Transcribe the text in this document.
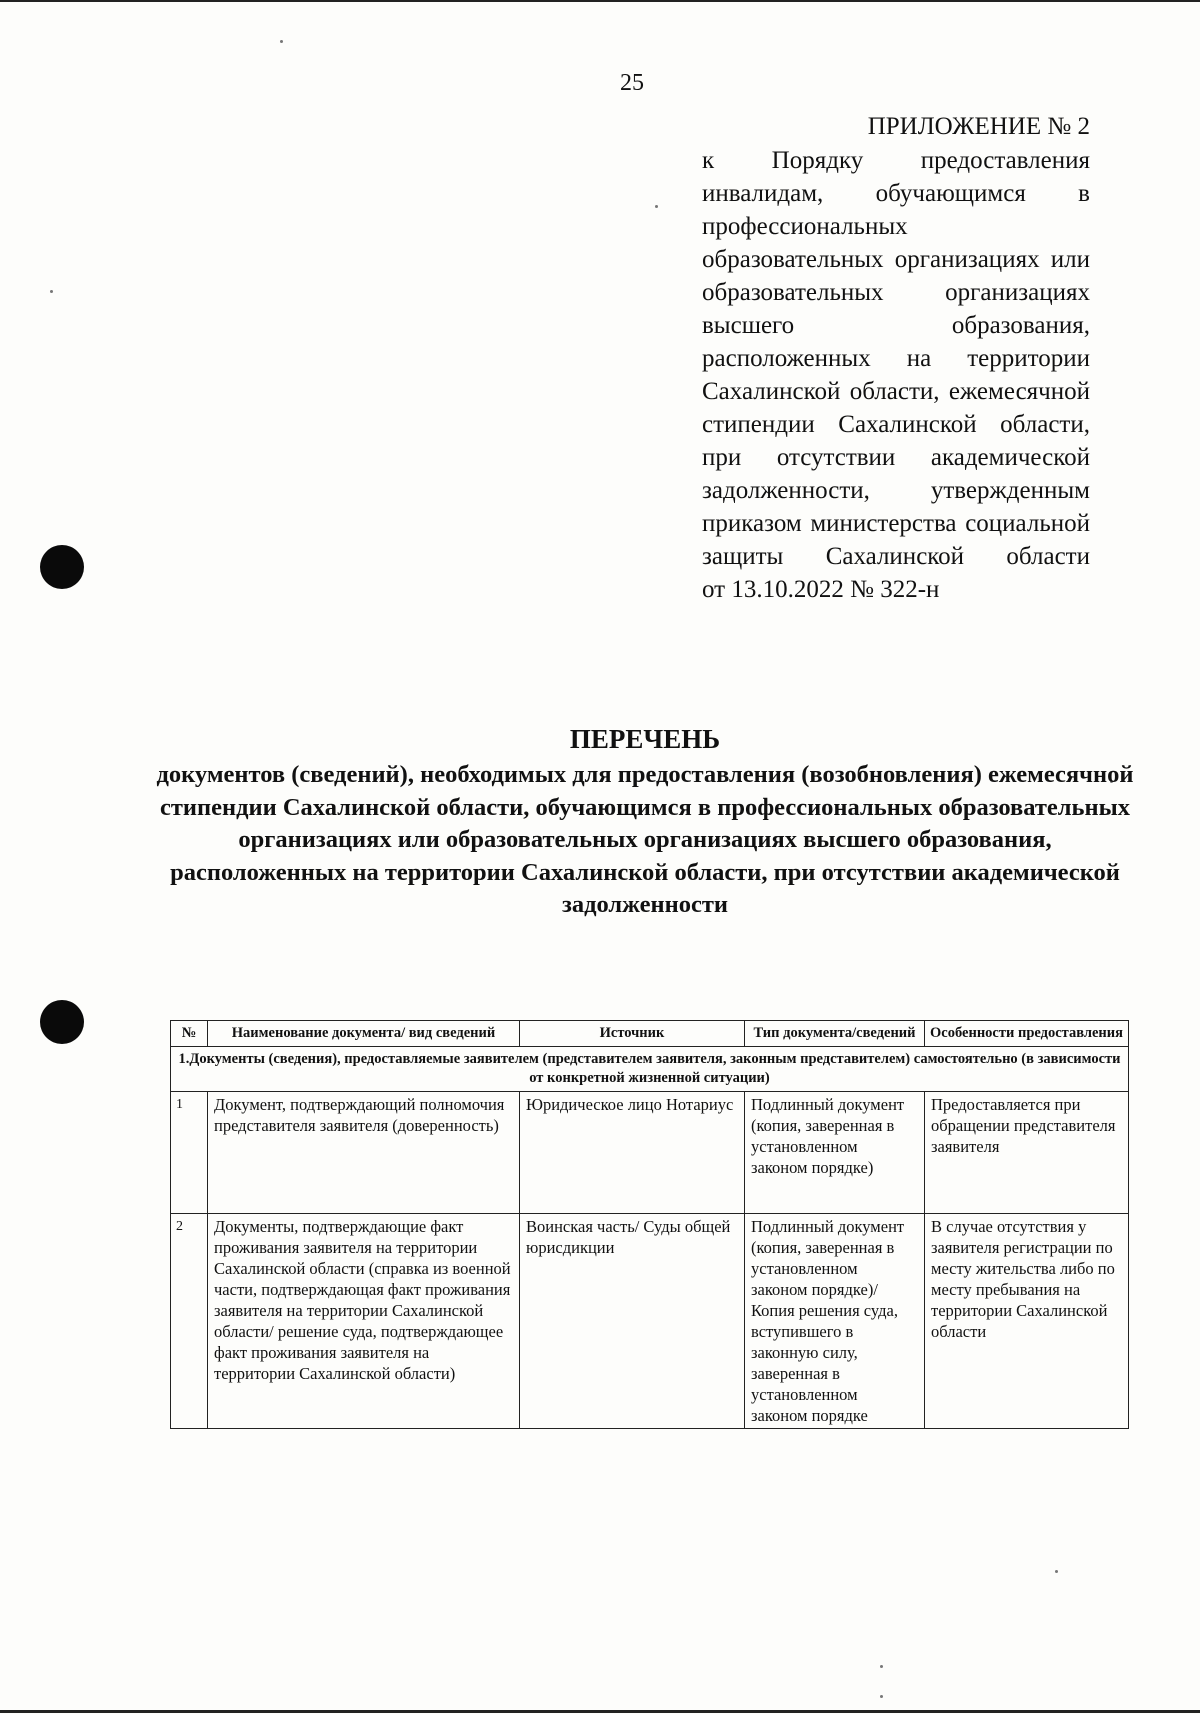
25
ПРИЛОЖЕНИЕ № 2
к Порядку предоставления инвалидам, обучающимся в профессиональных образовательных организациях или образовательных организациях высшего образования, расположенных на территории Сахалинской области, ежемесячной стипендии Сахалинской области, при отсутствии академической задолженности, утвержденным приказом министерства социальной защиты Сахалинской области
от 13.10.2022 № 322-н
ПЕРЕЧЕНЬ
документов (сведений), необходимых для предоставления (возобновления) ежемесячной стипендии Сахалинской области, обучающимся в профессиональных образовательных организациях или образовательных организациях высшего образования, расположенных на территории Сахалинской области, при отсутствии академической задолженности
№	Наименование документа/ вид сведений	Источник	Тип документа/сведений	Особенности предоставления
1.Документы (сведения), предоставляемые заявителем (представителем заявителя, законным представителем) самостоятельно (в зависимости от конкретной жизненной ситуации)				
1	Документ, подтверждающий полномочия представителя заявителя (доверенность)	Юридическое лицо Нотариус	Подлинный документ (копия, заверенная в установленном законом порядке)	Предоставляется при обращении представителя заявителя
2	Документы, подтверждающие факт проживания заявителя на территории Сахалинской области (справка из военной части, подтверждающая факт проживания заявителя на территории Сахалинской области/ решение суда, подтверждающее факт проживания заявителя на территории Сахалинской области)	Воинская часть/ Суды общей юрисдикции	Подлинный документ (копия, заверенная в установленном законом порядке)/ Копия решения суда, вступившего в законную силу, заверенная в установленном законом порядке	В случае отсутствия у заявителя регистрации по месту жительства либо по месту пребывания на территории Сахалинской области
